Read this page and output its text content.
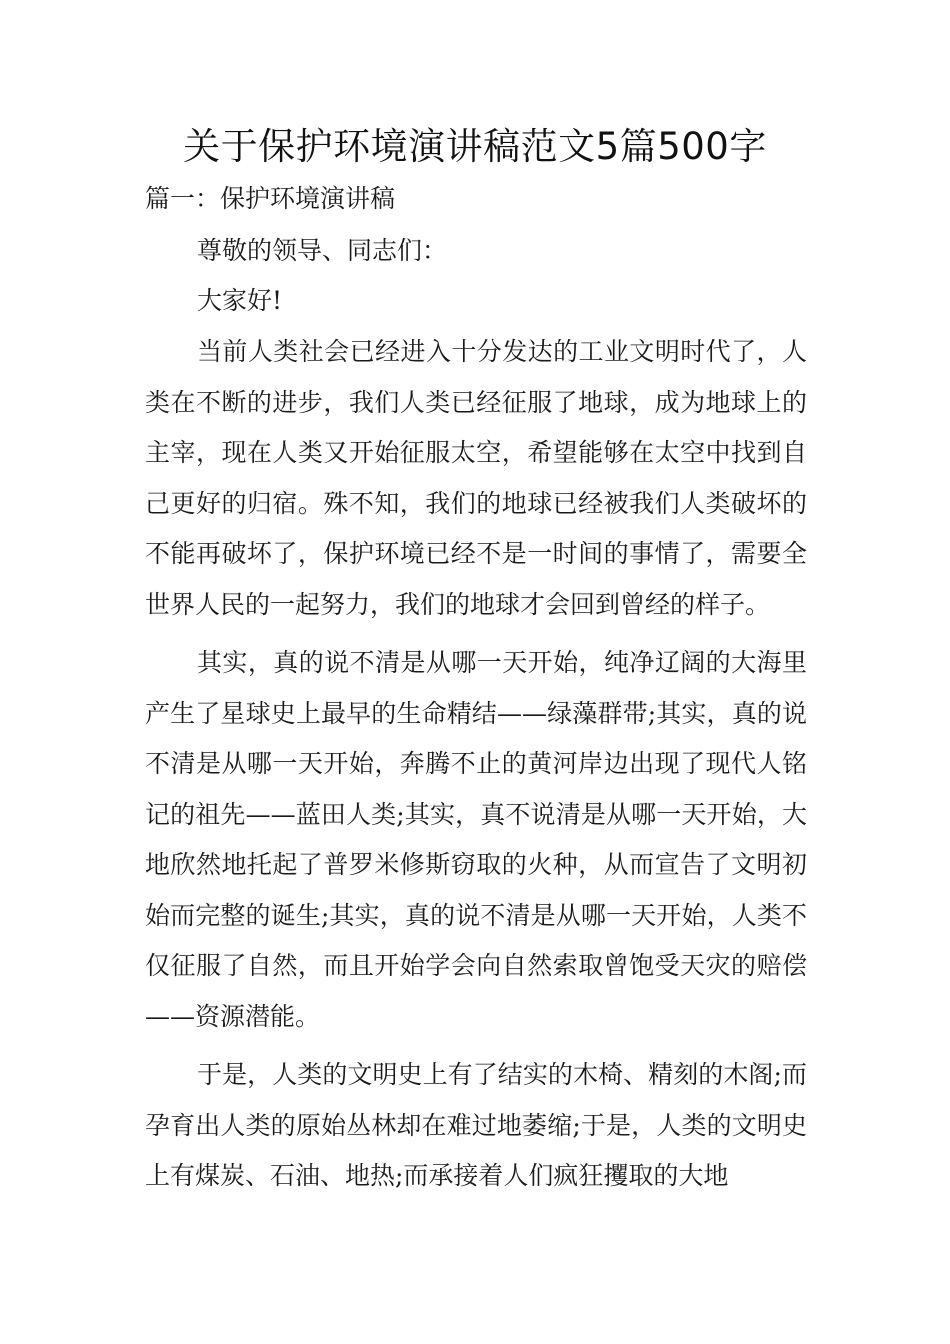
关于保护环境演讲稿范文5篇500字
篇一：保护环境演讲稿
尊敬的领导、同志们：
大家好!

当前人类社会已经进入十分发达的工业文明时代了，人类在不断的进步，我们人类已经征服了地球，成为地球上的主宰，现在人类又开始征服太空，希望能够在太空中找到自己更好的归宿。殊不知，我们的地球已经被我们人类破坏的不能再破坏了，保护环境已经不是一时间的事情了，需要全世界人民的一起努力，我们的地球才会回到曾经的样子。

其实，真的说不清是从哪一天开始，纯净辽阔的大海里产生了星球史上最早的生命精结——绿藻群带;其实，真的说不清是从哪一天开始，奔腾不止的黄河岸边出现了现代人铭记的祖先——蓝田人类;其实，真不说清是从哪一天开始，大地欣然地托起了普罗米修斯窃取的火种，从而宣告了文明初始而完整的诞生;其实，真的说不清是从哪一天开始，人类不仅征服了自然，而且开始学会向自然索取曾饱受天灾的赔偿——资源潜能。

于是，人类的文明史上有了结实的木椅、精刻的木阁;而孕育出人类的原始丛林却在难过地萎缩;于是，人类的文明史上有煤炭、石油、地热;而承接着人们疯狂攫取的大地
